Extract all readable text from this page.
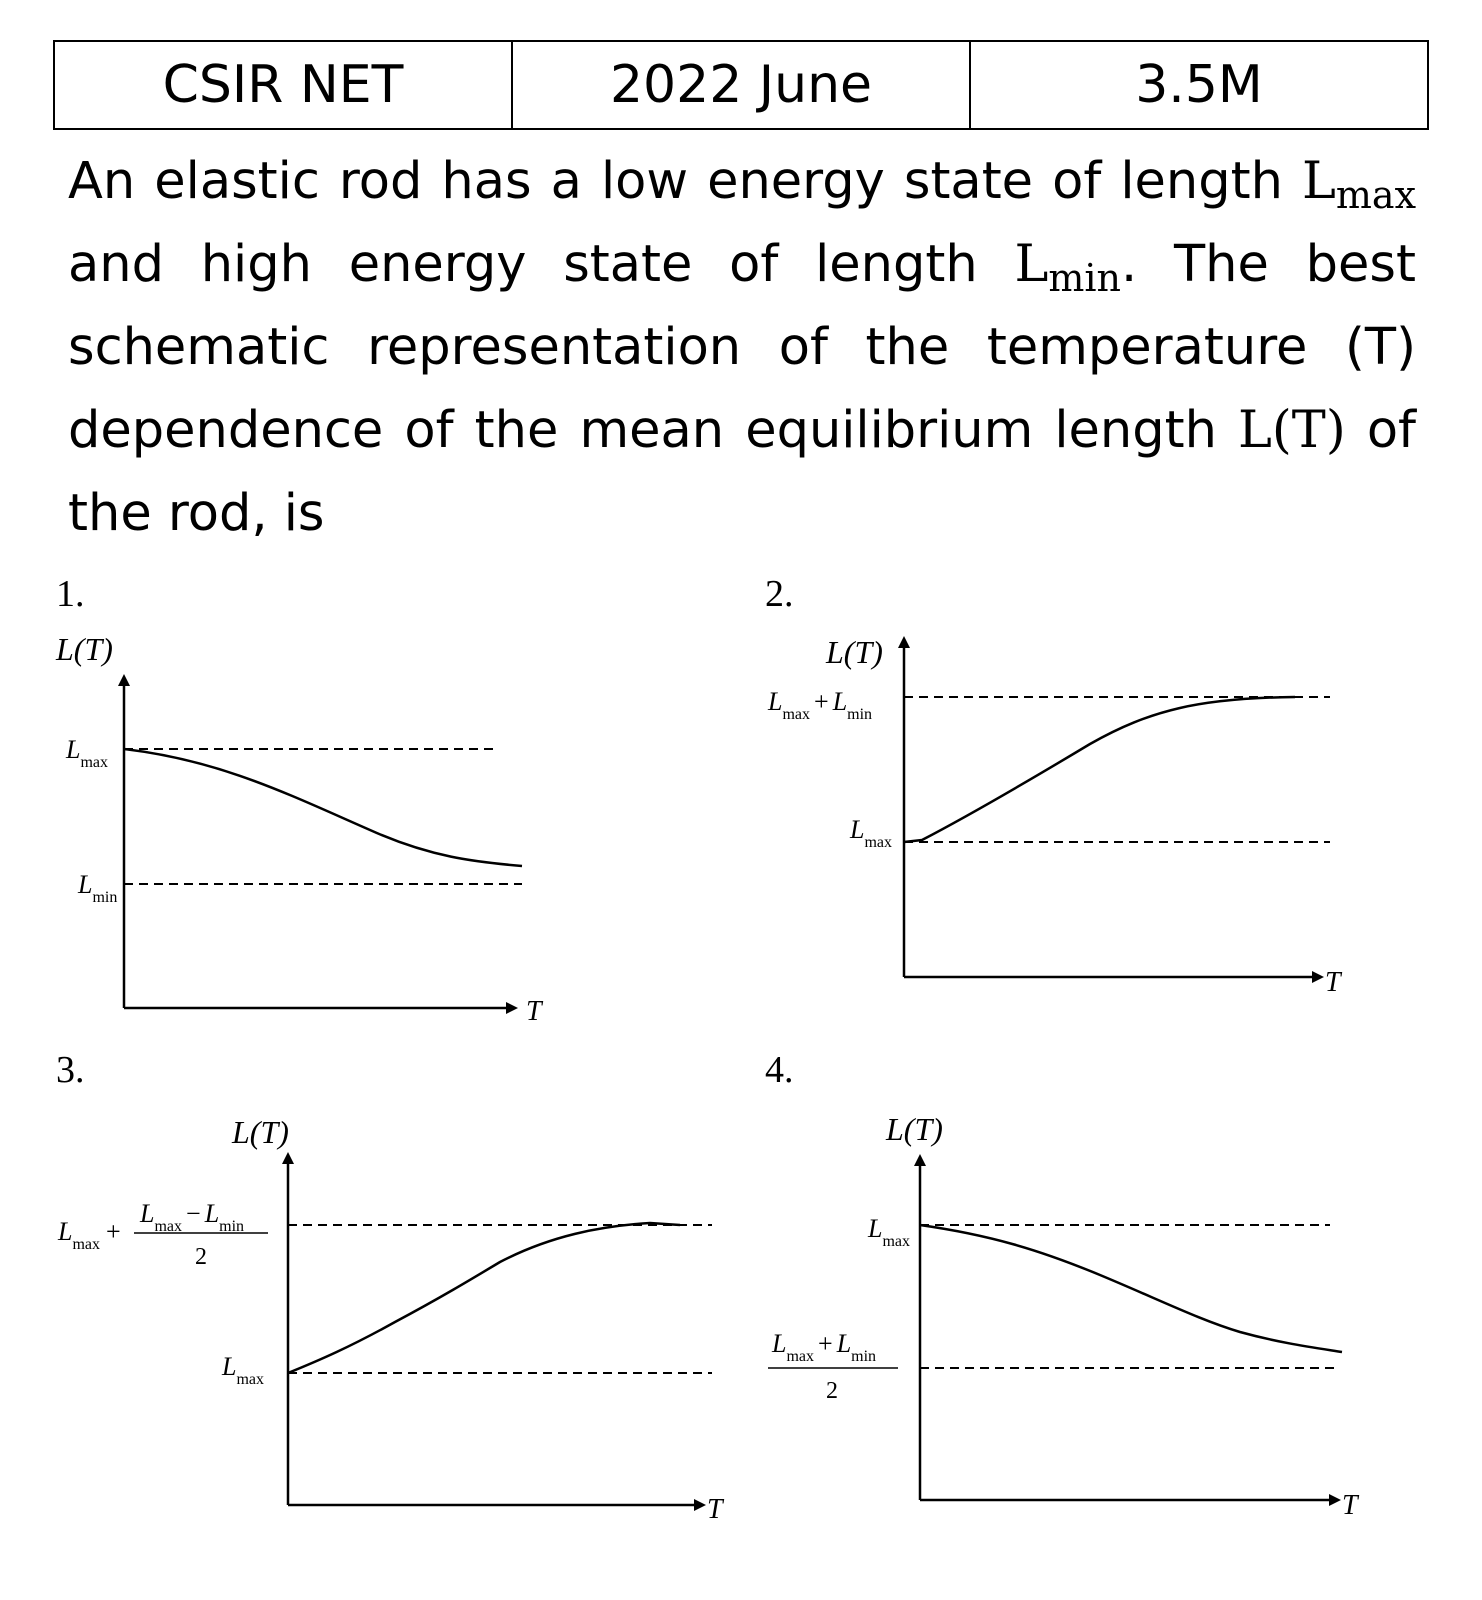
CSIR NET	2022 June	3.5M
An elastic rod has a low energy state of length $L_{max}$ and high energy state of length $L_{min}$. The best schematic representation of the temperature (T) dependence of the mean equilibrium length L(T) of the rod, is
1.	2.
3.	4.
L(T)
T
$L_{max}$
$L_{min}$
L(T)
T
$L_{max} + L_{min}$
$L_{max}$
L(T)
T
$L_{max}$ +
$L_{max} - L_{min}$
2
$L_{max}$
L(T)
T
$L_{max}$
$L_{max} + L_{min}$
2
